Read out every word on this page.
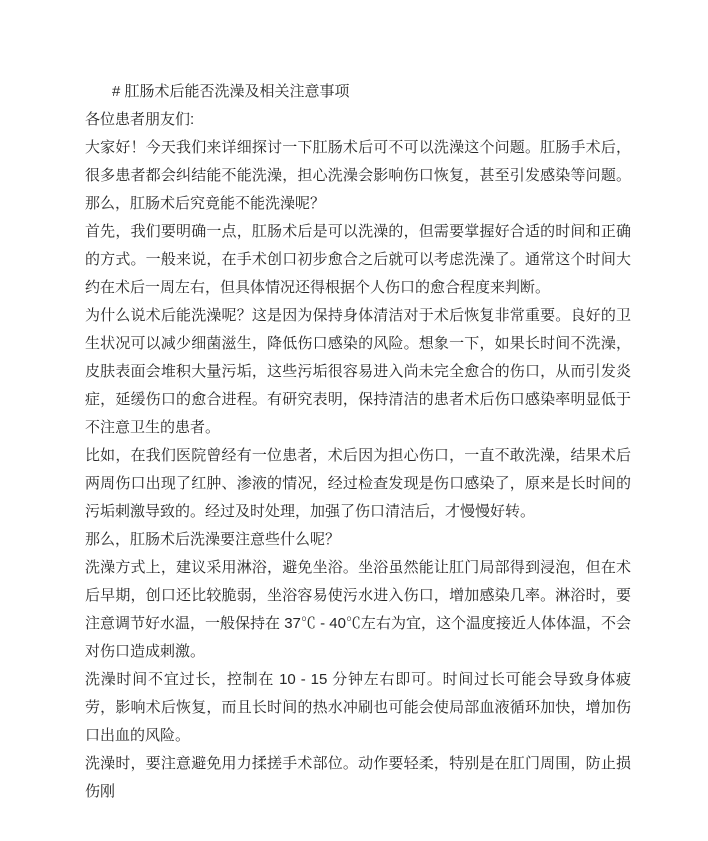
# 肛肠术后能否洗澡及相关注意事项

各位患者朋友们:

大家好！今天我们来详细探讨一下肛肠术后可不可以洗澡这个问题。肛肠手术后，很多患者都会纠结能不能洗澡，担心洗澡会影响伤口恢复，甚至引发感染等问题。那么，肛肠术后究竟能不能洗澡呢？

首先，我们要明确一点，肛肠术后是可以洗澡的，但需要掌握好合适的时间和正确的方式。一般来说，在手术创口初步愈合之后就可以考虑洗澡了。通常这个时间大约在术后一周左右，但具体情况还得根据个人伤口的愈合程度来判断。

为什么说术后能洗澡呢？这是因为保持身体清洁对于术后恢复非常重要。良好的卫生状况可以减少细菌滋生，降低伤口感染的风险。想象一下，如果长时间不洗澡，皮肤表面会堆积大量污垢，这些污垢很容易进入尚未完全愈合的伤口，从而引发炎症，延缓伤口的愈合进程。有研究表明，保持清洁的患者术后伤口感染率明显低于不注意卫生的患者。

比如，在我们医院曾经有一位患者，术后因为担心伤口，一直不敢洗澡，结果术后两周伤口出现了红肿、渗液的情况，经过检查发现是伤口感染了，原来是长时间的污垢刺激导致的。经过及时处理，加强了伤口清洁后，才慢慢好转。

那么，肛肠术后洗澡要注意些什么呢？

洗澡方式上，建议采用淋浴，避免坐浴。坐浴虽然能让肛门局部得到浸泡，但在术后早期，创口还比较脆弱，坐浴容易使污水进入伤口，增加感染几率。淋浴时，要注意调节好水温，一般保持在 37℃ - 40℃左右为宜，这个温度接近人体体温，不会对伤口造成刺激。

洗澡时间不宜过长，控制在 10 - 15 分钟左右即可。时间过长可能会导致身体疲劳，影响术后恢复，而且长时间的热水冲刷也可能会使局部血液循环加快，增加伤口出血的风险。

洗澡时，要注意避免用力揉搓手术部位。动作要轻柔，特别是在肛门周围，防止损伤刚
